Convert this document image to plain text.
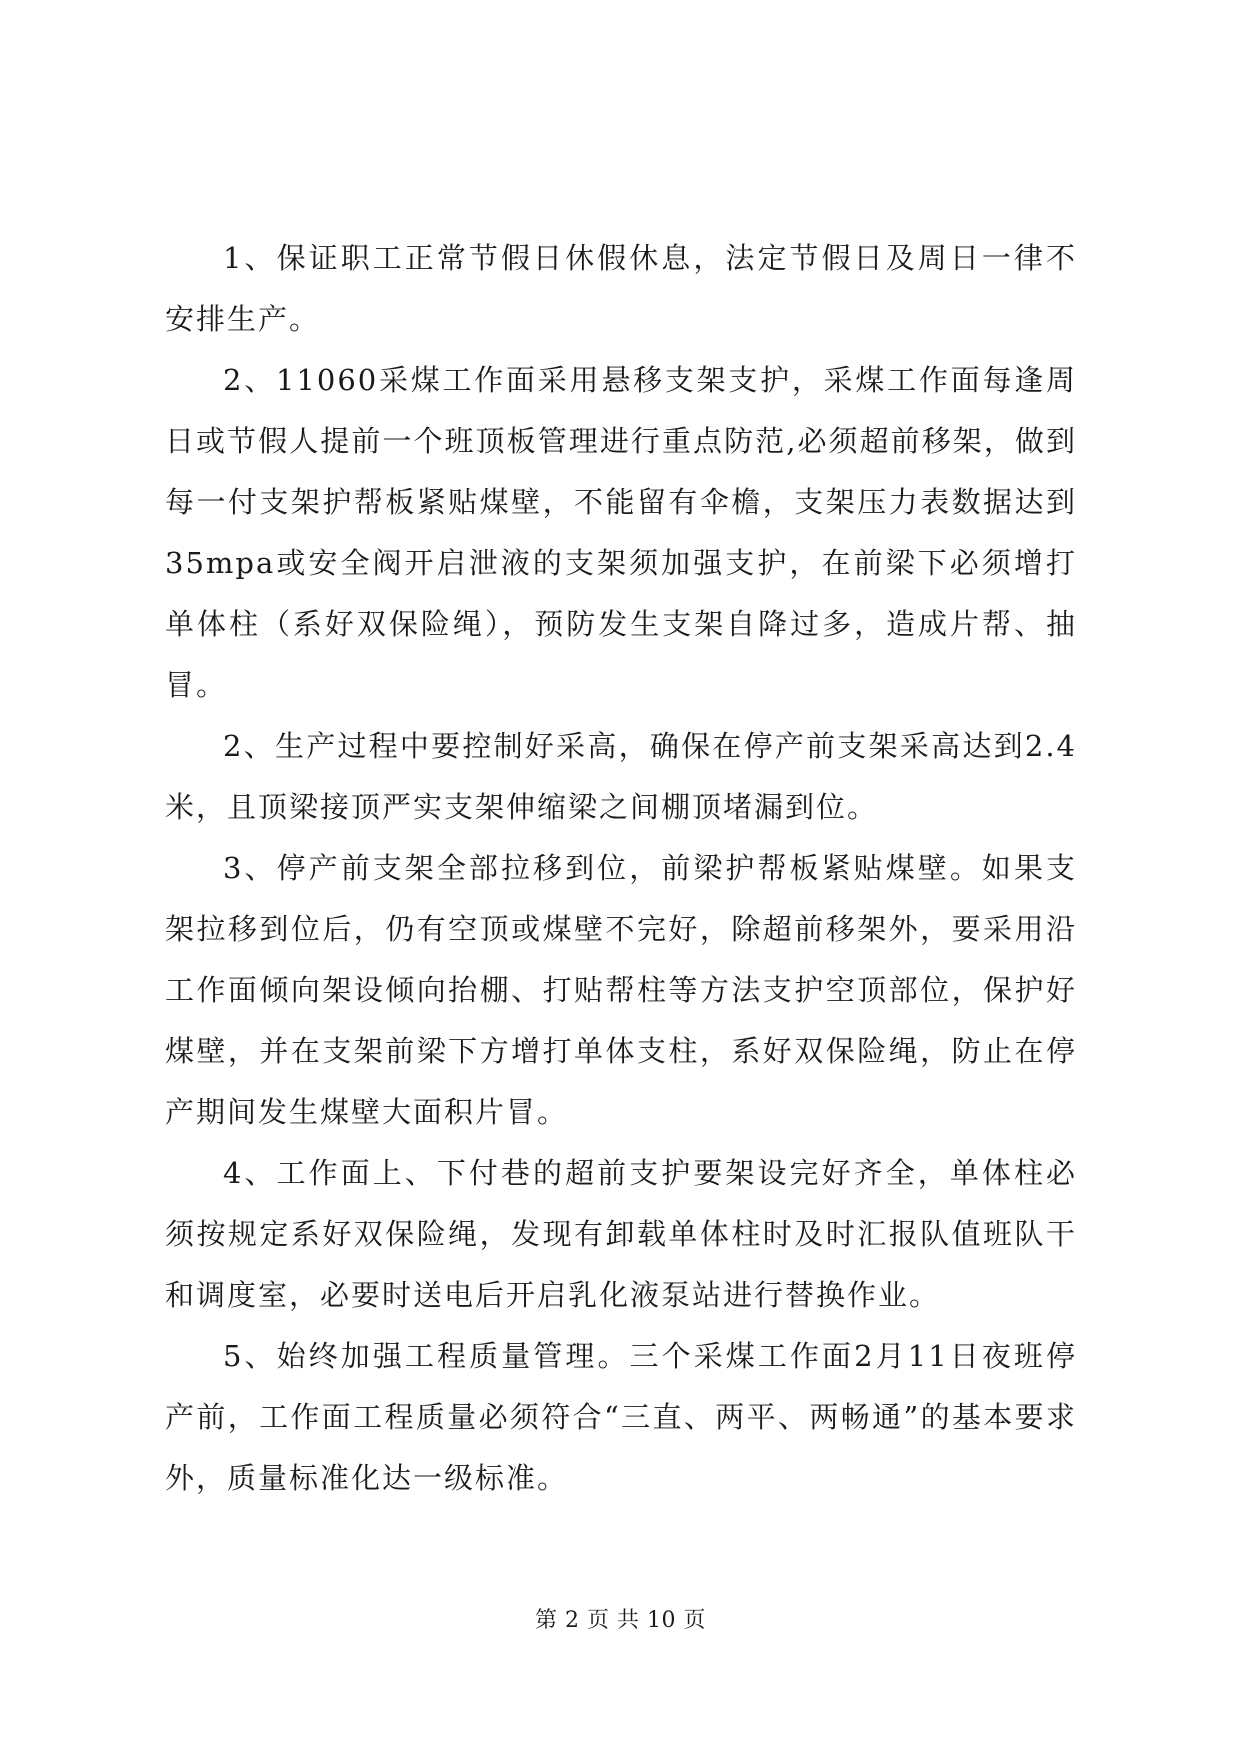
1、保证职工正常节假日休假休息，法定节假日及周日一律不安排生产。

2、11060采煤工作面采用悬移支架支护，采煤工作面每逢周日或节假人提前一个班顶板管理进行重点防范,必须超前移架，做到每一付支架护帮板紧贴煤壁，不能留有伞檐，支架压力表数据达到35mpa或安全阀开启泄液的支架须加强支护，在前梁下必须增打单体柱（系好双保险绳），预防发生支架自降过多，造成片帮、抽冒。

2、生产过程中要控制好采高，确保在停产前支架采高达到2.4米，且顶梁接顶严实支架伸缩梁之间棚顶堵漏到位。

3、停产前支架全部拉移到位，前梁护帮板紧贴煤壁。如果支架拉移到位后，仍有空顶或煤壁不完好，除超前移架外，要采用沿工作面倾向架设倾向抬棚、打贴帮柱等方法支护空顶部位，保护好煤壁，并在支架前梁下方增打单体支柱，系好双保险绳，防止在停产期间发生煤壁大面积片冒。

4、工作面上、下付巷的超前支护要架设完好齐全，单体柱必须按规定系好双保险绳，发现有卸载单体柱时及时汇报队值班队干和调度室，必要时送电后开启乳化液泵站进行替换作业。

5、始终加强工程质量管理。三个采煤工作面2月11日夜班停产前，工作面工程质量必须符合“三直、两平、两畅通”的基本要求外，质量标准化达一级标准。

第 2 页 共 10 页
